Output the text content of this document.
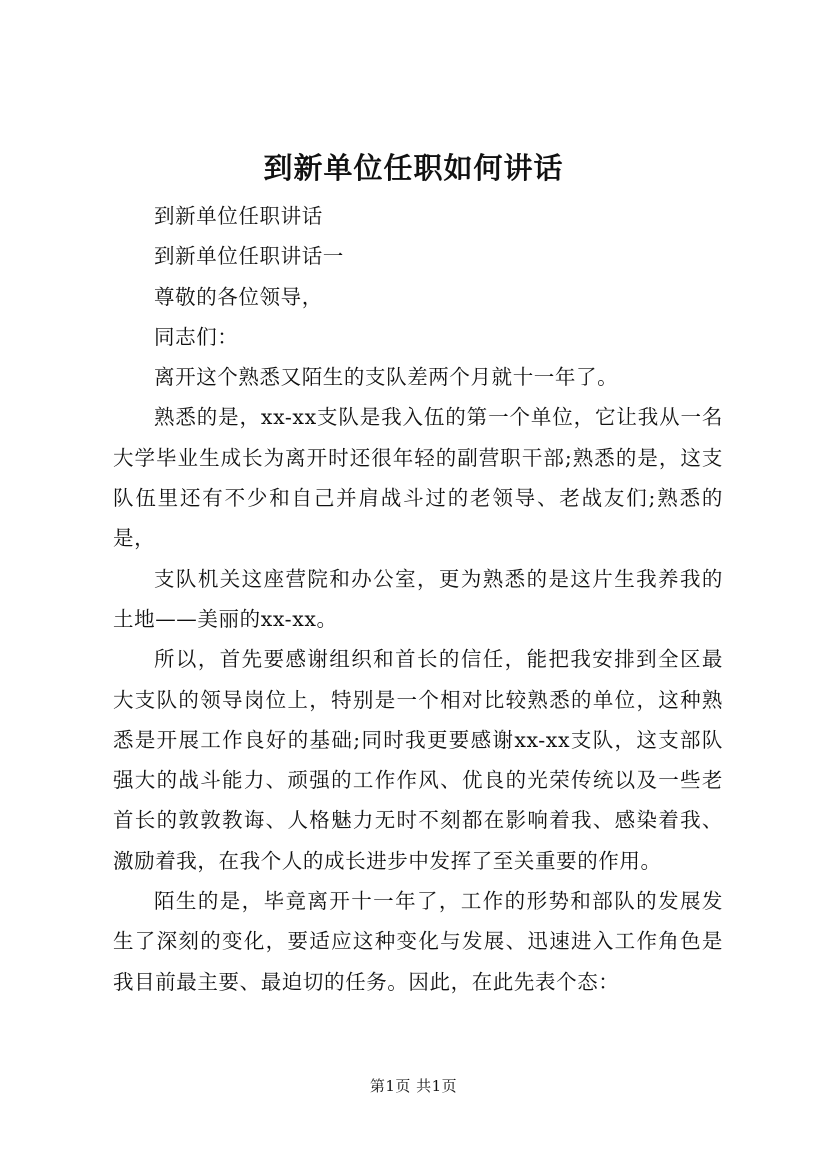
到新单位任职如何讲话

到新单位任职讲话

到新单位任职讲话一

尊敬的各位领导，

同志们：

离开这个熟悉又陌生的支队差两个月就十一年了。

熟悉的是，xx-xx支队是我入伍的第一个单位，它让我从一名大学毕业生成长为离开时还很年轻的副营职干部;熟悉的是，这支队伍里还有不少和自己并肩战斗过的老领导、老战友们;熟悉的是，

支队机关这座营院和办公室，更为熟悉的是这片生我养我的土地——美丽的xx-xx。

所以，首先要感谢组织和首长的信任，能把我安排到全区最大支队的领导岗位上，特别是一个相对比较熟悉的单位，这种熟悉是开展工作良好的基础;同时我更要感谢xx-xx支队，这支部队强大的战斗能力、顽强的工作作风、优良的光荣传统以及一些老首长的敦敦教诲、人格魅力无时不刻都在影响着我、感染着我、激励着我，在我个人的成长进步中发挥了至关重要的作用。

陌生的是，毕竟离开十一年了，工作的形势和部队的发展发生了深刻的变化，要适应这种变化与发展、迅速进入工作角色是我目前最主要、最迫切的任务。因此，在此先表个态：

第1页 共1页
